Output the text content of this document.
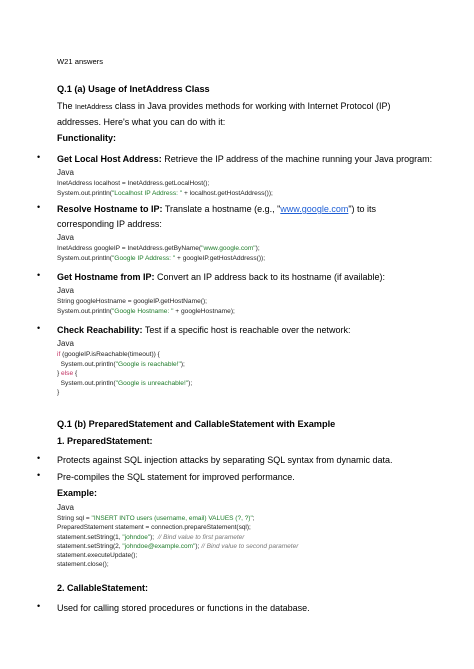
W21 answers
Q.1 (a) Usage of InetAddress Class
The InetAddress class in Java provides methods for working with Internet Protocol (IP)
addresses. Here's what you can do with it:
Functionality:
• Get Local Host Address: Retrieve the IP address of the machine running your Java program:
Java
InetAddress localhost = InetAddress.getLocalHost();
System.out.println("Localhost IP Address: " + localhost.getHostAddress());
• Resolve Hostname to IP: Translate a hostname (e.g., "www.google.com") to its
corresponding IP address:
Java
InetAddress googleIP = InetAddress.getByName("www.google.com");
System.out.println("Google IP Address: " + googleIP.getHostAddress());
• Get Hostname from IP: Convert an IP address back to its hostname (if available):
Java
String googleHostname = googleIP.getHostName();
System.out.println("Google Hostname: " + googleHostname);
• Check Reachability: Test if a specific host is reachable over the network:
Java
if (googleIP.isReachable(timeout)) {
System.out.println("Google is reachable!");
} else {
System.out.println("Google is unreachable!");
}
Q.1 (b) PreparedStatement and CallableStatement with Example
1. PreparedStatement:
• Protects against SQL injection attacks by separating SQL syntax from dynamic data.
• Pre-compiles the SQL statement for improved performance.
Example:
Java
String sql = "INSERT INTO users (username, email) VALUES (?, ?)";
PreparedStatement statement = connection.prepareStatement(sql);
statement.setString(1, "johndoe");  // Bind value to first parameter
statement.setString(2, "johndoe@example.com"); // Bind value to second parameter
statement.executeUpdate();
statement.close();
2. CallableStatement:
• Used for calling stored procedures or functions in the database.
